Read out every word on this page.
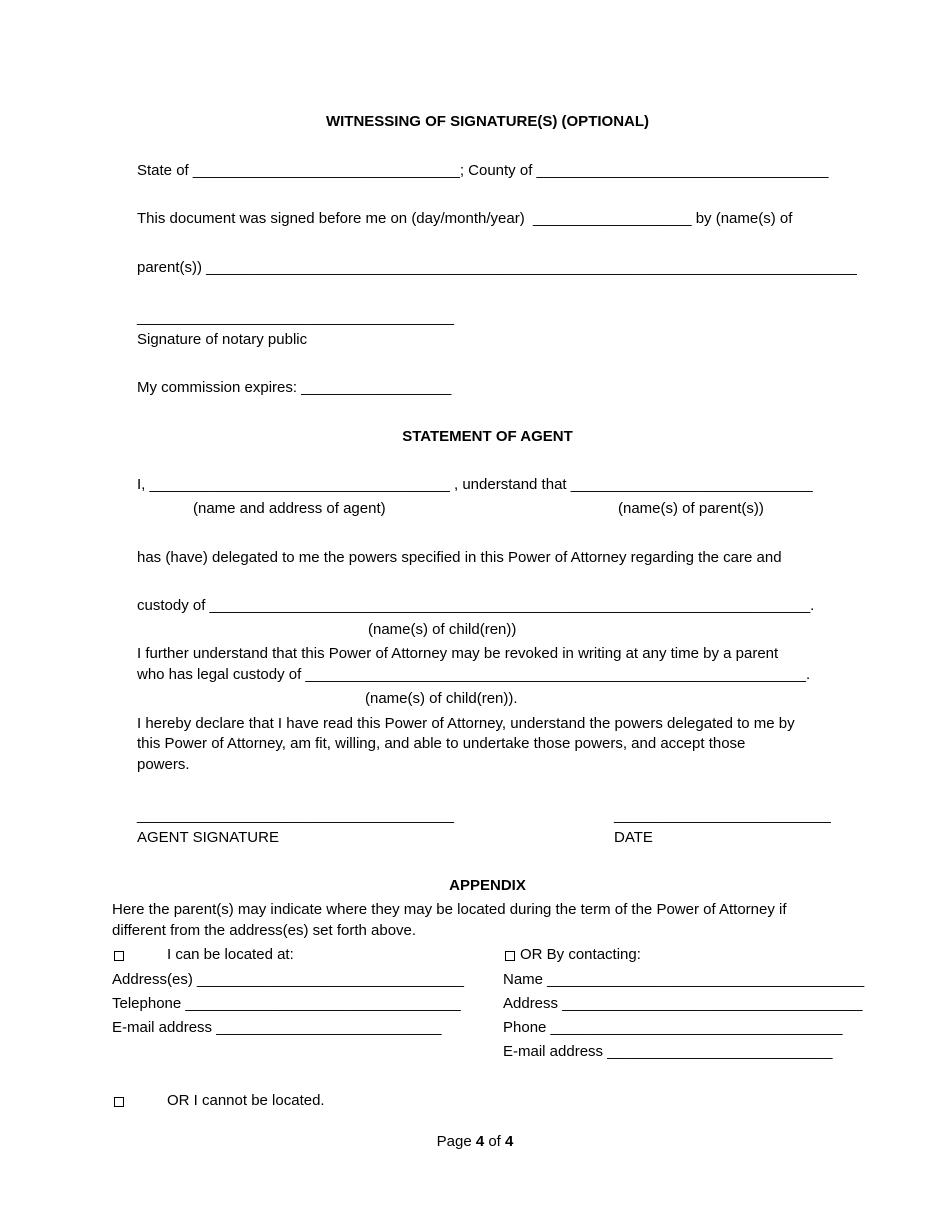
WITNESSING OF SIGNATURE(S) (OPTIONAL)
State of ________________________________; County of ___________________________________
This document was signed before me on (day/month/year)  ___________________ by (name(s) of
parent(s)) ______________________________________________________________________________
______________________________________
Signature of notary public
My commission expires: __________________
STATEMENT OF AGENT
I, ____________________________________ , understand that _____________________________
(name and address of agent)	(name(s) of parent(s))
has (have) delegated to me the powers specified in this Power of Attorney regarding the care and
custody of ________________________________________________________________________.
(name(s) of child(ren))
I further understand that this Power of Attorney may be revoked in writing at any time by a parent
who has legal custody of ____________________________________________________________.
(name(s) of child(ren)).
I hereby declare that I have read this Power of Attorney, understand the powers delegated to me by
this Power of Attorney, am fit, willing, and able to undertake those powers, and accept those
powers.
______________________________________	__________________________
AGENT SIGNATURE	DATE
APPENDIX
Here the parent(s) may indicate where they may be located during the term of the Power of Attorney if
different from the address(es) set forth above.
I can be located at:	OR By contacting:
Address(es) ________________________________
Telephone _________________________________
E-mail address ___________________________
Name ______________________________________
Address ____________________________________
Phone ___________________________________
E-mail address ___________________________
OR I cannot be located.
Page 4 of 4
